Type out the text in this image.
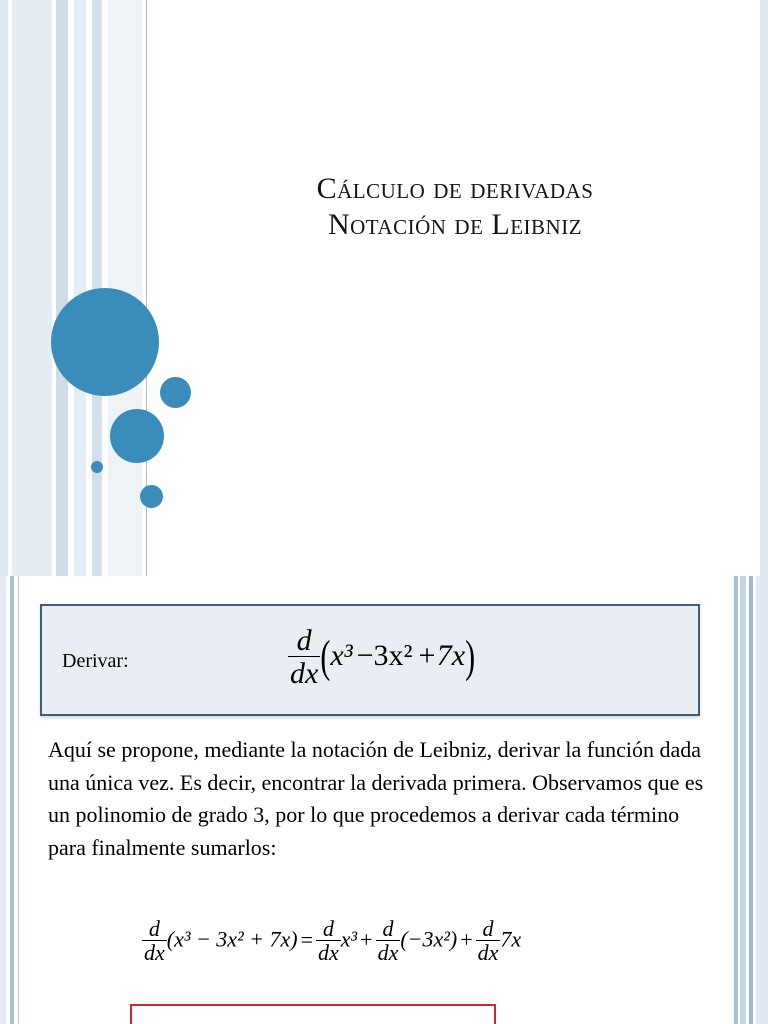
Cálculo de derivadas
Notación de Leibniz
Derivar:	$\frac{d}{dx} (x^3 -3x^2 +7x)$
Aquí se propone, mediante la notación de Leibniz, derivar la función dada una única vez. Es decir, encontrar la derivada primera. Observamos que es un polinomio de grado 3, por lo que procedemos a derivar cada término para finalmente sumarlos:
$\frac{d}{dx} (x^3 - 3x^2 + 7x) = \frac{d}{dx} x^3 + \frac{d}{dx} (-3x^2) + \frac{d}{dx} 7x$
